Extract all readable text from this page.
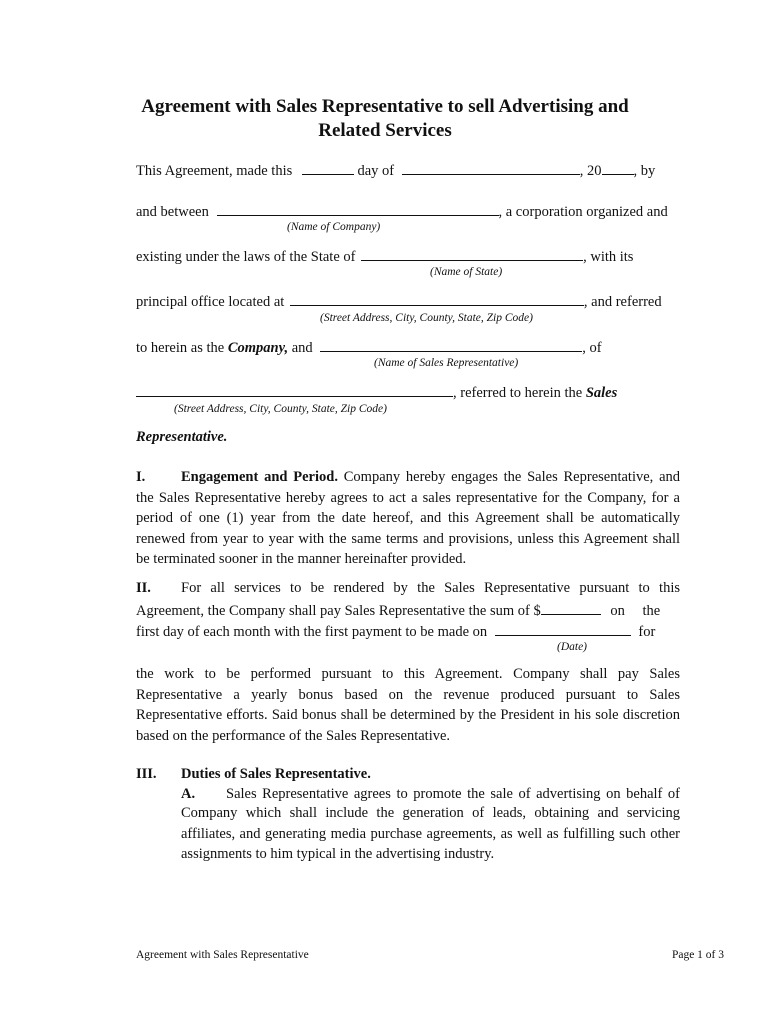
Agreement with Sales Representative to sell Advertising and
Related Services
This Agreement, made this	day of	, 20 , by
and between	, a corporation organized and
(Name of Company)
existing under the laws of the State of	, with its
(Name of State)
principal office located at	, and referred
(Street Address, City, County, State, Zip Code)
to herein as the Company, and	, of
(Name of Sales Representative)
, referred to herein the Sales
(Street Address, City, County, State, Zip Code)
Representative.
I. Engagement and Period. Company hereby engages the Sales Representative, and the Sales Representative hereby agrees to act a sales representative for the Company, for a period of one (1) year from the date hereof, and this Agreement shall be automatically renewed from year to year with the same terms and provisions, unless this Agreement shall be terminated sooner in the manner hereinafter provided.
II. For all services to be rendered by the Sales Representative pursuant to this
Agreement, the Company shall pay Sales Representative the sum of $	on the
first day of each month with the first payment to be made on	for
(Date)
the work to be performed pursuant to this Agreement. Company shall pay Sales Representative a yearly bonus based on the revenue produced pursuant to Sales Representative efforts. Said bonus shall be determined by the President in his sole discretion based on the performance of the Sales Representative.
III. Duties of Sales Representative.
A. Sales Representative agrees to promote the sale of advertising on behalf of
Company which shall include the generation of leads, obtaining and servicing affiliates, and generating media purchase agreements, as well as fulfilling such other assignments to him typical in the advertising industry.
Agreement with Sales Representative	Page 1 of 3
